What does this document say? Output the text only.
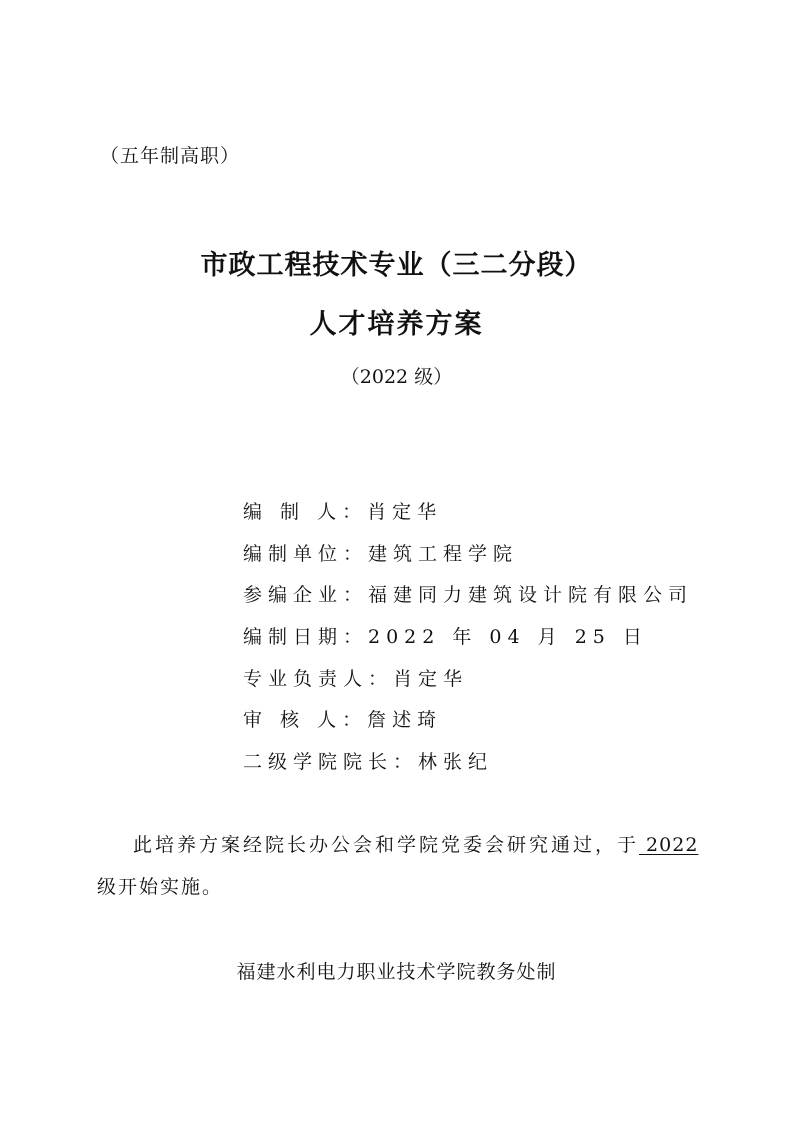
（五年制高职）
市政工程技术专业（三二分段）
人才培养方案
（2022 级）
编 制 人：肖定华
编制单位：建筑工程学院
参编企业：福建同力建筑设计院有限公司
编制日期：2022 年 04 月 25 日
专业负责人：肖定华
审 核 人：詹述琦
二级学院院长：林张纪
此培养方案经院长办公会和学院党委会研究通过，于 2022
级开始实施。
福建水利电力职业技术学院教务处制
